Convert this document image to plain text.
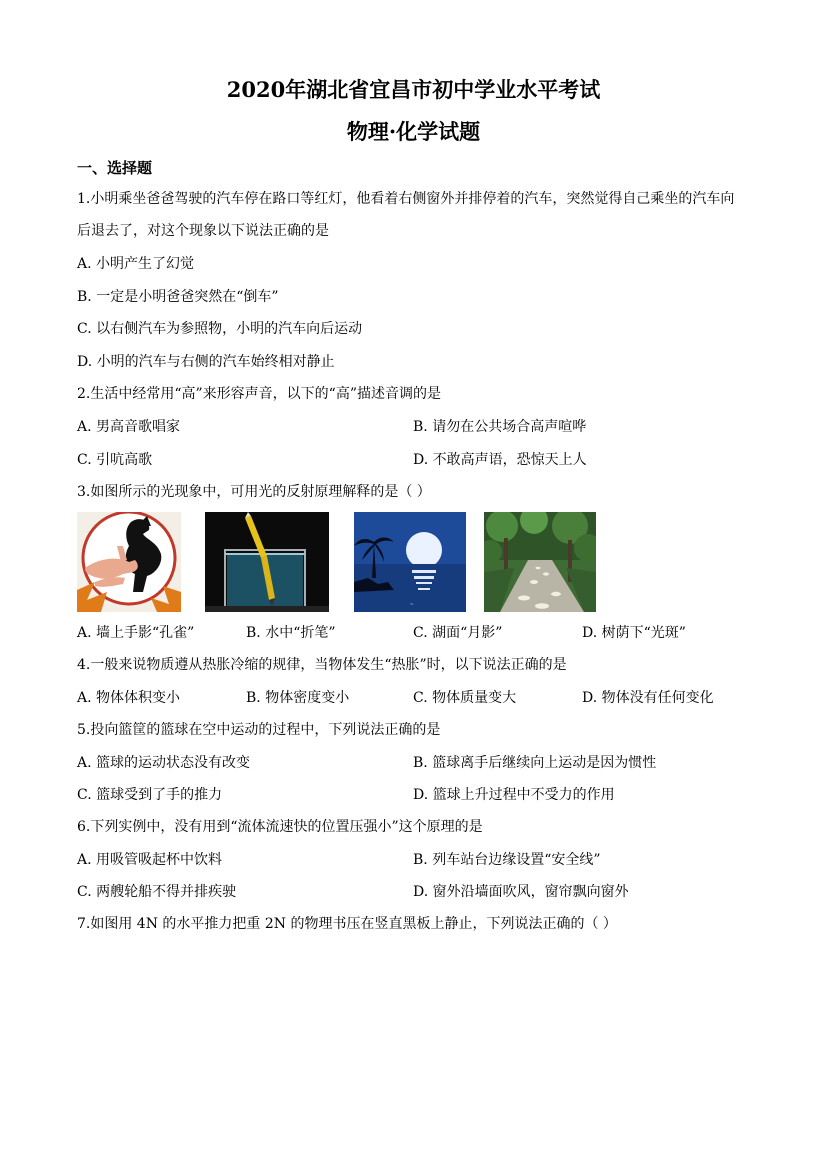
2020年湖北省宜昌市初中学业水平考试
物理·化学试题
一、选择题
1.小明乘坐爸爸驾驶的汽车停在路口等红灯，他看着右侧窗外并排停着的汽车，突然觉得自己乘坐的汽车向
后退去了，对这个现象以下说法正确的是
A. 小明产生了幻觉
B. 一定是小明爸爸突然在“倒车”
C. 以右侧汽车为参照物，小明的汽车向后运动
D. 小明的汽车与右侧的汽车始终相对静止
2.生活中经常用“高”来形容声音，以下的“高”描述音调的是
A. 男高音歌唱家	B. 请勿在公共场合高声喧哗
C. 引吭高歌	D. 不敢高声语，恐惊天上人
3.如图所示的光现象中，可用光的反射原理解释的是（ ）
~
A. 墙上手影“孔雀”	B. 水中“折笔”	C. 湖面“月影”	D. 树荫下“光斑”
4.一般来说物质遵从热胀冷缩的规律，当物体发生“热胀”时，以下说法正确的是
A. 物体体积变小	B. 物体密度变小	C. 物体质量变大	D. 物体没有任何变化
5.投向篮筐的篮球在空中运动的过程中，下列说法正确的是
A. 篮球的运动状态没有改变	B. 篮球离手后继续向上运动是因为惯性
C. 篮球受到了手的推力	D. 篮球上升过程中不受力的作用
6.下列实例中，没有用到“流体流速快的位置压强小”这个原理的是
A. 用吸管吸起杯中饮料	B. 列车站台边缘设置“安全线”
C. 两艘轮船不得并排疾驶	D. 窗外沿墙面吹风，窗帘飘向窗外
7.如图用 4N 的水平推力把重 2N 的物理书压在竖直黑板上静止，下列说法正确的（ ）
